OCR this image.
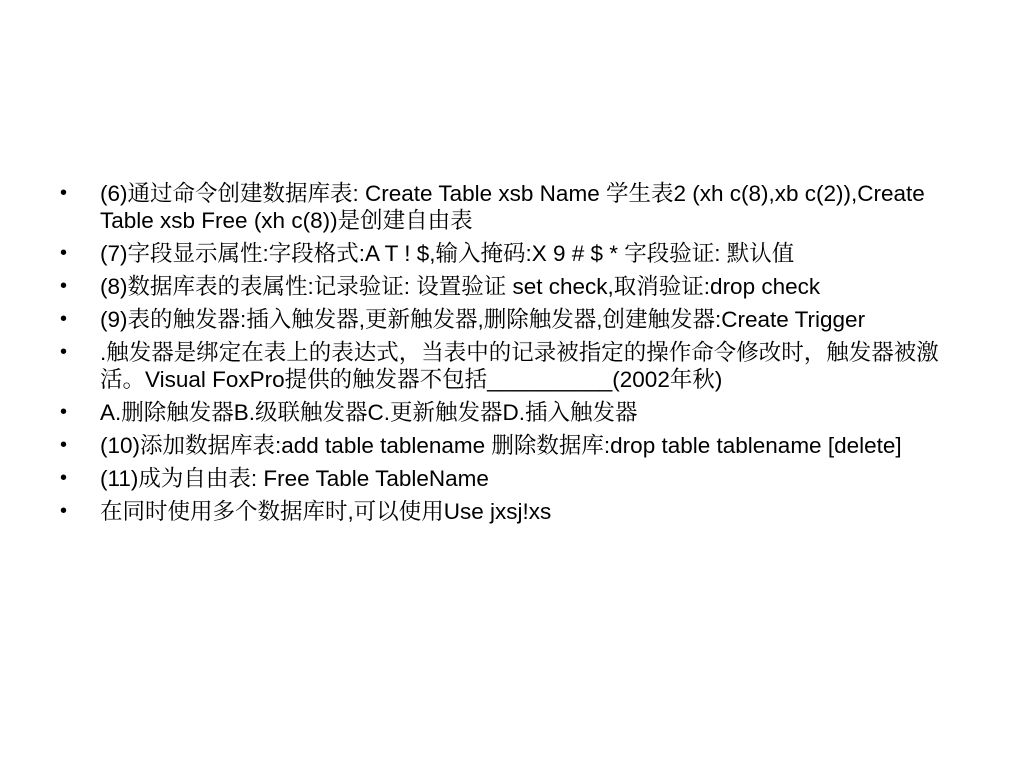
• (6)通过命令创建数据库表: Create Table xsb Name 学生表2 (xh c(8),xb c(2)),Create Table xsb Free (xh c(8))是创建自由表
• (7)字段显示属性:字段格式:A T ! $,输入掩码:X 9 # $ * 字段验证: 默认值
• (8)数据库表的表属性:记录验证: 设置验证 set check,取消验证:drop check
• (9)表的触发器:插入触发器,更新触发器,删除触发器,创建触发器:Create Trigger
• .触发器是绑定在表上的表达式，当表中的记录被指定的操作命令修改时，触发器被激活。Visual FoxPro提供的触发器不包括__________(2002年秋)
• A.删除触发器B.级联触发器C.更新触发器D.插入触发器
• (10)添加数据库表:add table tablename 删除数据库:drop table tablename [delete]
• (11)成为自由表: Free Table TableName
• 在同时使用多个数据库时,可以使用Use jxsj!xs
